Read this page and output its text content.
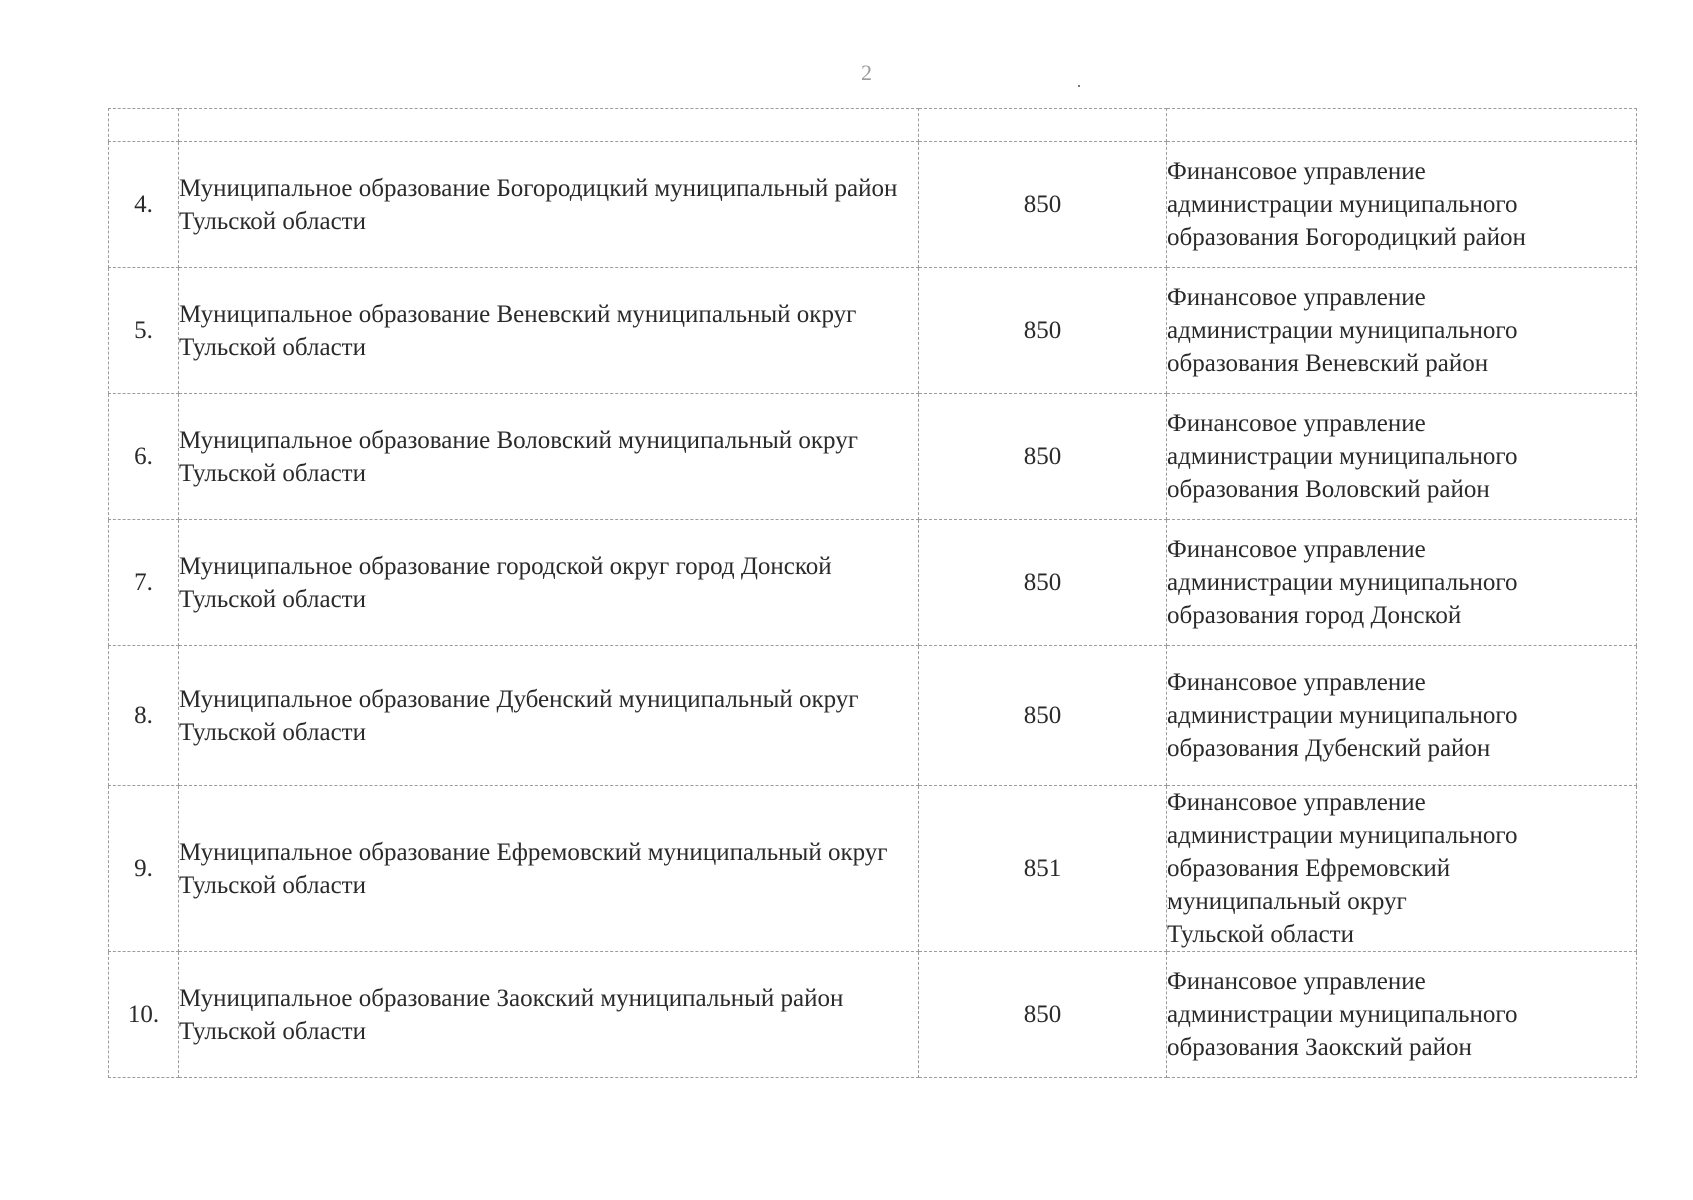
2

4.	Муниципальное образование Богородицкий муниципальный район Тульской области	850	Финансовое управление
администрации муниципального
образования Богородицкий район
5.	Муниципальное образование Веневский муниципальный округ Тульской области	850	Финансовое управление
администрации муниципального
образования Веневский район
6.	Муниципальное образование Воловский муниципальный округ Тульской области	850	Финансовое управление
администрации муниципального
образования Воловский район
7.	Муниципальное образование городской округ город Донской Тульской области	850	Финансовое управление
администрации муниципального
образования город Донской
8.	Муниципальное образование Дубенский муниципальный округ Тульской области	850	Финансовое управление
администрации муниципального
образования Дубенский район
9.	Муниципальное образование Ефремовский муниципальный округ Тульской области	851	Финансовое управление
администрации муниципального
образования Ефремовский
муниципальный округ
Тульской области
10.	Муниципальное образование Заокский муниципальный район Тульской области	850	Финансовое управление
администрации муниципального
образования Заокский район
